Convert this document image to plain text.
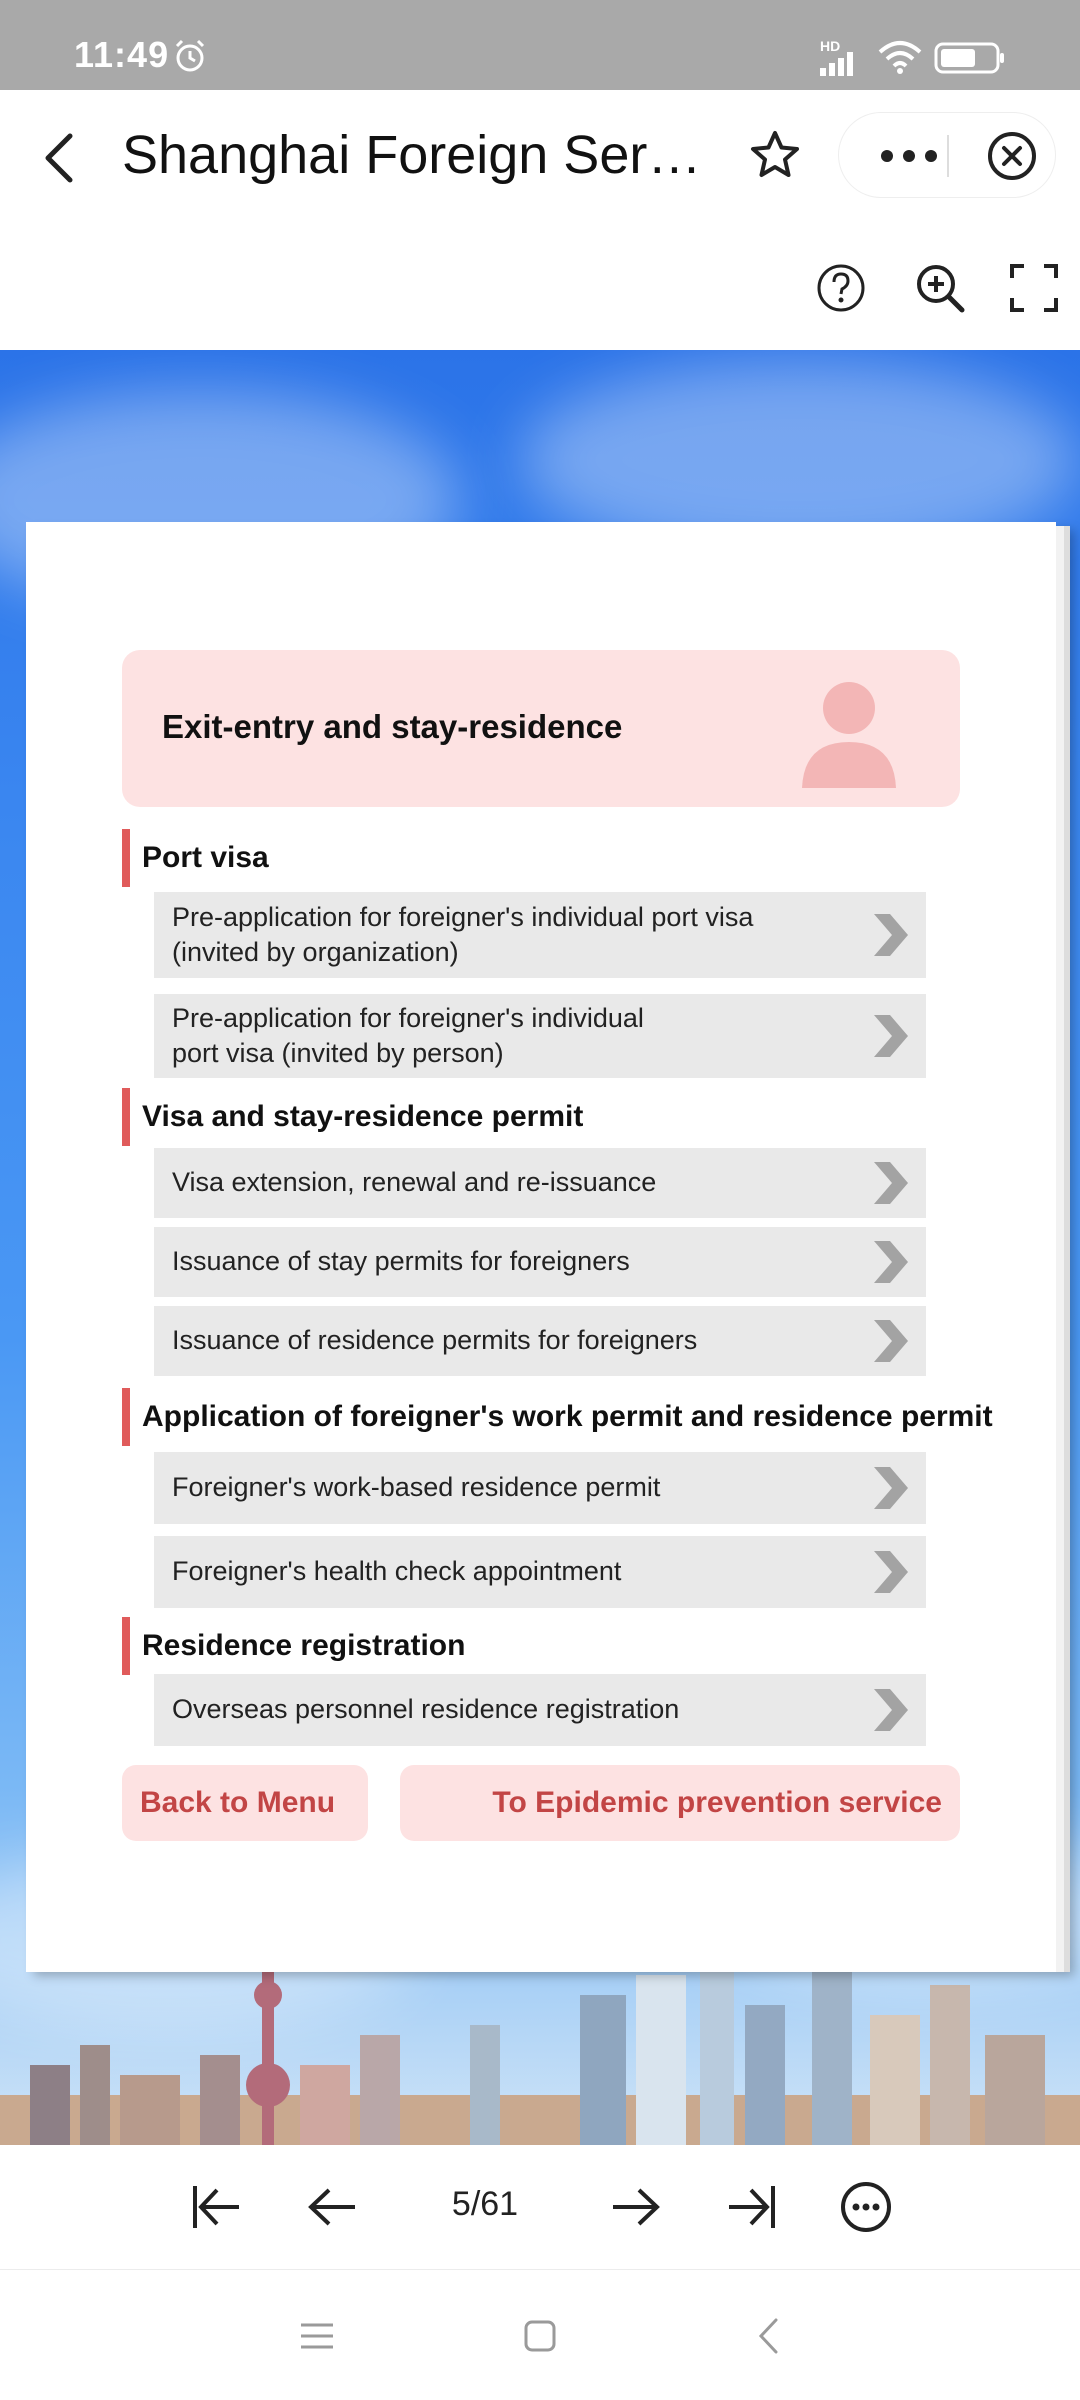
11:49	HD
Shanghai Foreign Ser…
Exit-entry and stay-residence
Port visa
Pre-application for foreigner's individual port visa
(invited by organization)
Pre-application for foreigner's individual
port visa (invited by person)
Visa and stay-residence permit
Visa extension, renewal and re-issuance
Issuance of stay permits for foreigners
Issuance of residence permits for foreigners
Application of foreigner's work permit and residence permit
Foreigner's work-based residence permit
Foreigner's health check appointment
Residence registration
Overseas personnel residence registration
Back to Menu	To Epidemic prevention service
5/61
